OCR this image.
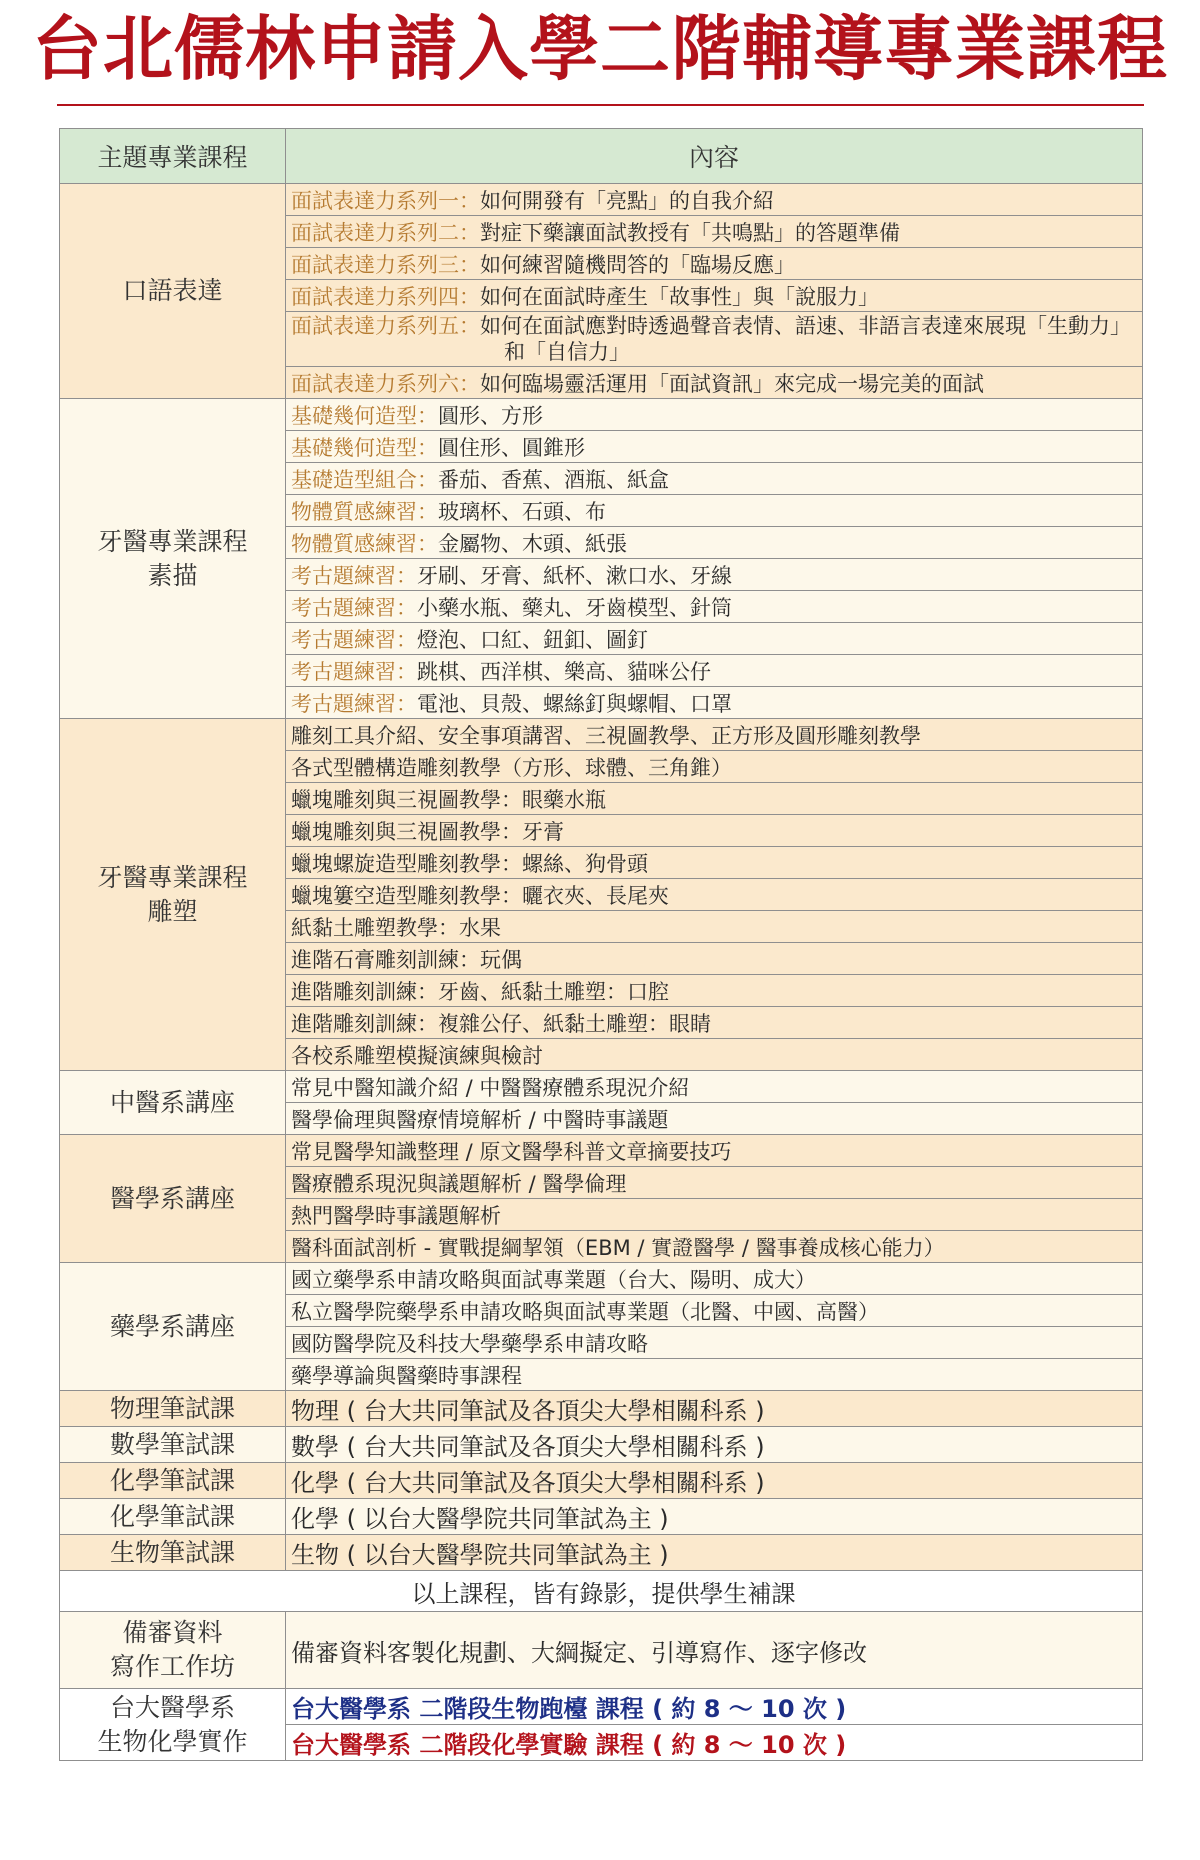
台北儒林申請入學二階輔導專業課程
主題專業課程	內容
口語表達	面試表達力系列一：如何開發有「亮點」的自我介紹
	面試表達力系列二：對症下藥讓面試教授有「共鳴點」的答題準備
	面試表達力系列三：如何練習隨機問答的「臨場反應」
	面試表達力系列四：如何在面試時產生「故事性」與「說服力」
	面試表達力系列五：如何在面試應對時透過聲音表情、語速、非語言表達來展現「生動力」
和「自信力」
	面試表達力系列六：如何臨場靈活運用「面試資訊」來完成一場完美的面試

牙醫專業課程
素描	基礎幾何造型：圓形、方形
	基礎幾何造型：圓住形、圓錐形
	基礎造型組合：番茄、香蕉、酒瓶、紙盒
	物體質感練習：玻璃杯、石頭、布
	物體質感練習：金屬物、木頭、紙張
	考古題練習：牙刷、牙膏、紙杯、漱口水、牙線
	考古題練習：小藥水瓶、藥丸、牙齒模型、針筒
	考古題練習：燈泡、口紅、鈕釦、圖釘
	考古題練習：跳棋、西洋棋、樂高、貓咪公仔
	考古題練習：電池、貝殼、螺絲釘與螺帽、口罩

牙醫專業課程
雕塑	雕刻工具介紹、安全事項講習、三視圖教學、正方形及圓形雕刻教學
	各式型體構造雕刻教學（方形、球體、三角錐）
	蠟塊雕刻與三視圖教學：眼藥水瓶
	蠟塊雕刻與三視圖教學：牙膏
	蠟塊螺旋造型雕刻教學：螺絲、狗骨頭
	蠟塊簍空造型雕刻教學：曬衣夾、長尾夾
	紙黏土雕塑教學：水果
	進階石膏雕刻訓練：玩偶
	進階雕刻訓練：牙齒、紙黏土雕塑：口腔
	進階雕刻訓練：複雜公仔、紙黏土雕塑：眼睛
	各校系雕塑模擬演練與檢討
中醫系講座	常見中醫知識介紹 / 中醫醫療體系現況介紹
	醫學倫理與醫療情境解析 / 中醫時事議題
醫學系講座	常見醫學知識整理 / 原文醫學科普文章摘要技巧
	醫療體系現況與議題解析 / 醫學倫理
	熱門醫學時事議題解析
	醫科面試剖析 - 實戰提綱挈領（EBM / 實證醫學 / 醫事養成核心能力）
藥學系講座	國立藥學系申請攻略與面試專業題（台大、陽明、成大）
	私立醫學院藥學系申請攻略與面試專業題（北醫、中國、高醫）
	國防醫學院及科技大學藥學系申請攻略
	藥學導論與醫藥時事課程
物理筆試課	物理 ( 台大共同筆試及各頂尖大學相關科系 )
數學筆試課	數學 ( 台大共同筆試及各頂尖大學相關科系 )
化學筆試課	化學 ( 台大共同筆試及各頂尖大學相關科系 )
化學筆試課	化學 ( 以台大醫學院共同筆試為主 )
生物筆試課	生物 ( 以台大醫學院共同筆試為主 )
以上課程，皆有錄影，提供學生補課	

備審資料
寫作工作坊	備審資料客製化規劃、大綱擬定、引導寫作、逐字修改

台大醫學系
生物化學實作	台大醫學系 二階段生物跑檯 課程 ( 約 8 ～ 10 次 )
	台大醫學系 二階段化學實驗 課程 ( 約 8 ～ 10 次 )
